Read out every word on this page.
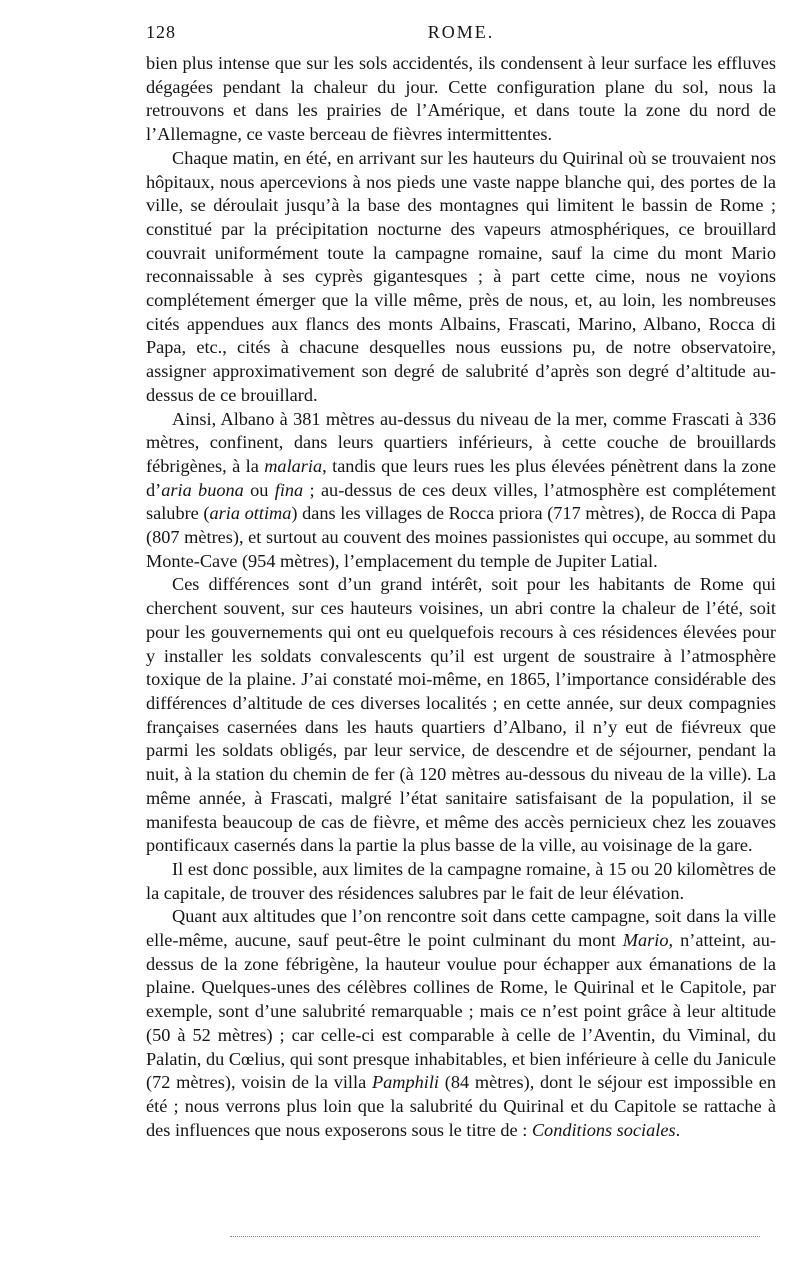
128	ROME.

bien plus intense que sur les sols accidentés, ils condensent à leur surface les effluves dégagées pendant la chaleur du jour. Cette configuration plane du sol, nous la retrouvons et dans les prairies de l’Amérique, et dans toute la zone du nord de l’Allemagne, ce vaste berceau de fièvres intermittentes.

Chaque matin, en été, en arrivant sur les hauteurs du Quirinal où se trouvaient nos hôpitaux, nous apercevions à nos pieds une vaste nappe blanche qui, des portes de la ville, se déroulait jusqu’à la base des montagnes qui limitent le bassin de Rome ; constitué par la précipitation nocturne des vapeurs atmosphériques, ce brouillard couvrait uniformément toute la campagne romaine, sauf la cime du mont Mario reconnaissable à ses cyprès gigantesques ; à part cette cime, nous ne voyions complétement émerger que la ville même, près de nous, et, au loin, les nombreuses cités appendues aux flancs des monts Albains, Frascati, Marino, Albano, Rocca di Papa, etc., cités à chacune desquelles nous eussions pu, de notre observatoire, assigner approximativement son degré de salubrité d’après son degré d’altitude au-dessus de ce brouillard.

Ainsi, Albano à 381 mètres au-dessus du niveau de la mer, comme Frascati à 336 mètres, confinent, dans leurs quartiers inférieurs, à cette couche de brouillards fébrigènes, à la malaria, tandis que leurs rues les plus élevées pénètrent dans la zone d’aria buona ou fina ; au-dessus de ces deux villes, l’atmosphère est complétement salubre (aria ottima) dans les villages de Rocca priora (717 mètres), de Rocca di Papa (807 mètres), et surtout au couvent des moines passionistes qui occupe, au sommet du Monte-Cave (954 mètres), l’emplacement du temple de Jupiter Latial.

Ces différences sont d’un grand intérêt, soit pour les habitants de Rome qui cherchent souvent, sur ces hauteurs voisines, un abri contre la chaleur de l’été, soit pour les gouvernements qui ont eu quelquefois recours à ces résidences élevées pour y installer les soldats convalescents qu’il est urgent de soustraire à l’atmosphère toxique de la plaine. J’ai constaté moi-même, en 1865, l’importance considérable des différences d’altitude de ces diverses localités ; en cette année, sur deux compagnies françaises casernées dans les hauts quartiers d’Albano, il n’y eut de fiévreux que parmi les soldats obligés, par leur service, de descendre et de séjourner, pendant la nuit, à la station du chemin de fer (à 120 mètres au-dessous du niveau de la ville). La même année, à Frascati, malgré l’état sanitaire satisfaisant de la population, il se manifesta beaucoup de cas de fièvre, et même des accès pernicieux chez les zouaves pontificaux casernés dans la partie la plus basse de la ville, au voisinage de la gare.

Il est donc possible, aux limites de la campagne romaine, à 15 ou 20 kilomètres de la capitale, de trouver des résidences salubres par le fait de leur élévation.

Quant aux altitudes que l’on rencontre soit dans cette campagne, soit dans la ville elle-même, aucune, sauf peut-être le point culminant du mont Mario, n’atteint, au-dessus de la zone fébrigène, la hauteur voulue pour échapper aux émanations de la plaine. Quelques-unes des célèbres collines de Rome, le Quirinal et le Capitole, par exemple, sont d’une salubrité remarquable ; mais ce n’est point grâce à leur altitude (50 à 52 mètres) ; car celle-ci est comparable à celle de l’Aventin, du Viminal, du Palatin, du Cœlius, qui sont presque inhabitables, et bien inférieure à celle du Janicule (72 mètres), voisin de la villa Pamphili (84 mètres), dont le séjour est impossible en été ; nous verrons plus loin que la salubrité du Quirinal et du Capitole se rattache à des influences que nous exposerons sous le titre de : Conditions sociales.
